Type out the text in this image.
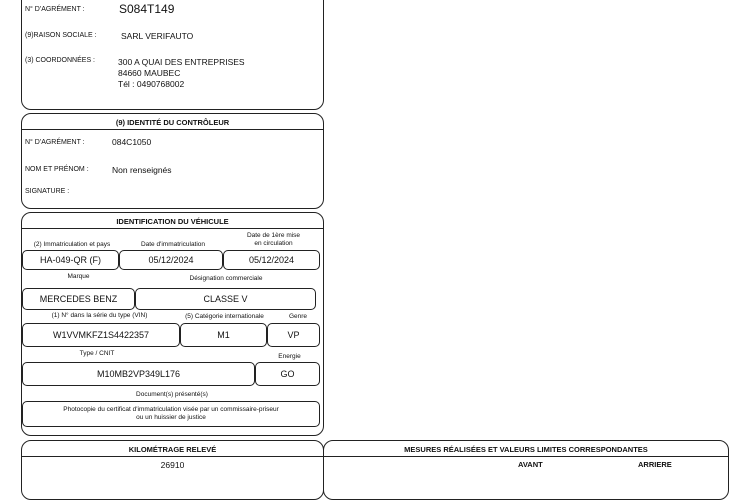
N° D'AGRÉMENT :	S084T149
(9)RAISON SOCIALE :	SARL VERIFAUTO
(3) COORDONNÉES :	300 A QUAI DES ENTREPRISES
84660 MAUBEC
Tél : 0490768002
(9) IDENTITÉ DU CONTRÔLEUR
N° D'AGRÉMENT :	084C1050
NOM ET PRÉNOM :	Non renseignés
SIGNATURE :
IDENTIFICATION DU VÉHICULE
(2) Immatriculation et pays	Date d'immatriculation
Date de 1ère mise
en circulation
HA-049-QR (F)	05/12/2024	05/12/2024
Marque	Désignation commerciale
MERCEDES BENZ	CLASSE V
(1) N° dans la série du type (VIN)	(5) Catégorie internationale	Genre
W1VVMKFZ1S4422357	M1	VP
Type / CNIT	Energie
M10MB2VP349L176	GO
Document(s) présenté(s)
Photocopie du certificat d'immatriculation visée par un commissaire-priseur
ou un huissier de justice
KILOMÉTRAGE RELEVÉ
26910
MESURES RÉALISÉES ET VALEURS LIMITES CORRESPONDANTES
AVANT	ARRIERE
